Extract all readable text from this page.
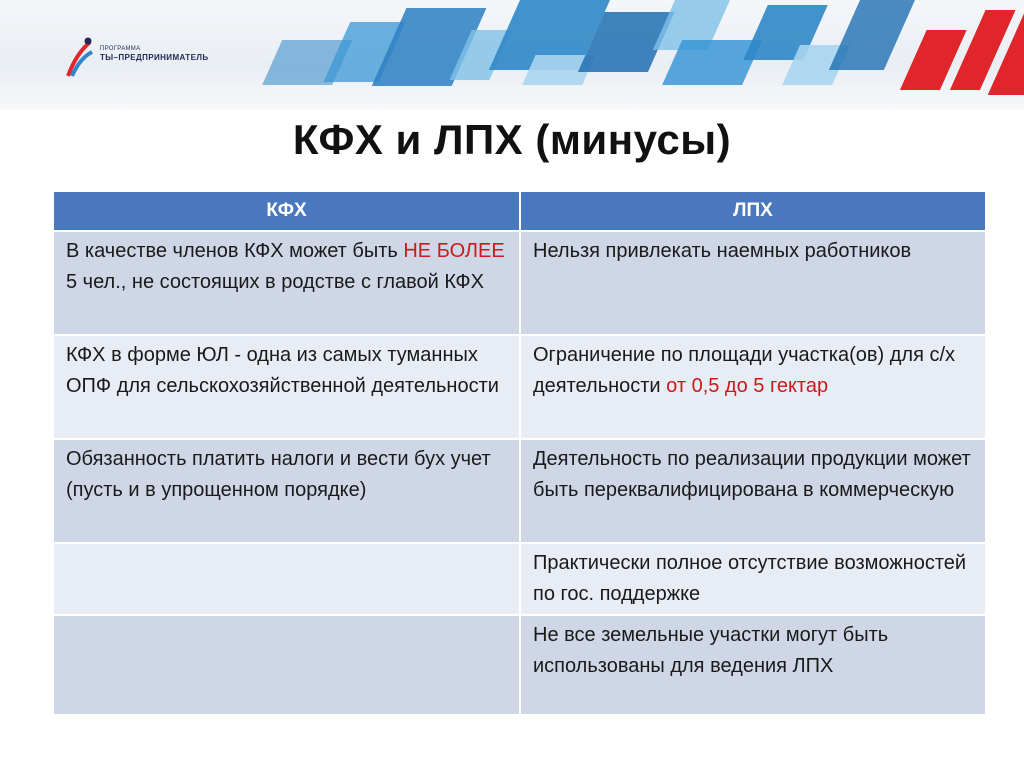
ПРОГРАММА
ТЫ–ПРЕДПРИНИМАТЕЛЬ
КФХ и ЛПХ (минусы)
КФХ	ЛПХ
В качестве членов КФХ может быть НЕ БОЛЕЕ 5 чел., не состоящих в родстве с главой КФХ	Нельзя привлекать наемных работников
КФХ в форме ЮЛ - одна из самых туманных ОПФ для сельскохозяйственной деятельности	Ограничение по площади участка(ов) для с/х деятельности от 0,5 до 5 гектар
Обязанность платить налоги и вести бух учет (пусть и в упрощенном порядке)	Деятельность по реализации продукции может быть переквалифицирована в коммерческую
	Практически полное отсутствие возможностей по гос. поддержке
	Не все земельные участки могут быть использованы для ведения ЛПХ
